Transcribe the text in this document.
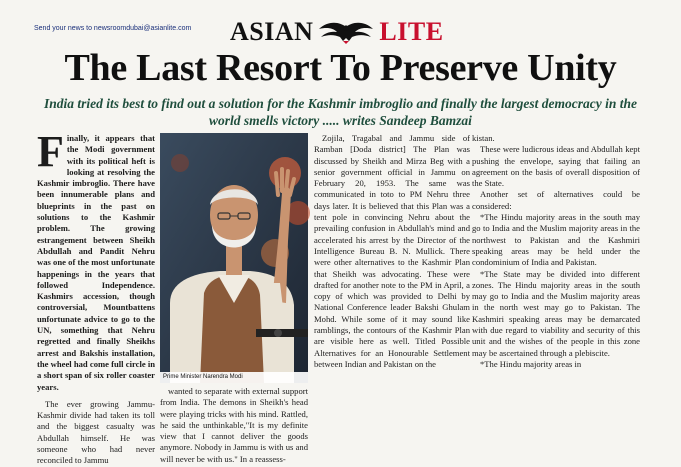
Send your news to newsroomdubai@asianlite.com ASIAN	LITE
The Last Resort To Preserve Unity
India tried its best to find out a solution for the Kashmir imbroglio and finally the largest democracy in the world smells victory ..... writes Sandeep Bamzai

Finally, it appears that the Modi government with its political heft is looking at resolving the Kashmir imbroglio. There have been innumerable plans and blueprints in the past on solutions to the Kashmir problem. The growing estrangement between Sheikh Abdullah and Pandit Nehru was one of the most unfortunate happenings in the years that followed Independence. Kashmirs accession, though controversial, Mountbattens unfortunate advice to go to the UN, something that Nehru regretted and finally Sheikhs arrest and Bakshis installation, the wheel had come full circle in a short span of six roller coaster years.

The ever growing Jammu-Kashmir divide had taken its toll and the biggest casualty was Abdullah himself. He was someone who had never reconciled to Jammu

Prime Minister Narendra Modi

wanted to separate with external support from India. The demons in Sheikh's head were playing tricks with his mind. Rattled, he said the unthinkable,"It is my definite view that I cannot deliver the goods anymore. Nobody in Jammu is with us and will never be with us." In a reassess-

Zojila, Tragabal and Jammu side of Ramban [Doda district] The Plan was discussed by Sheikh and Mirza Beg with a senior government official in Jammu on February 20, 1953. The same was communicated in toto to PM Nehru three days later. It is believed that this Plan was a tent pole in convincing Nehru about the prevailing confusion in Abdullah's mind and accelerated his arrest by the Director of the Intelligence Bureau B. N. Mullick. There were other alternatives to the Kashmir Plan that Sheikh was advocating. These were drafted for another note to the PM in April, a copy of which was provided to Delhi by National Conference leader Bakshi Ghulam Mohd. While some of it may sound like ramblings, the contours of the Kashmir Plan are visible here as well. Titled Possible Alternatives for an Honourable Settlement between Indian and Pakistan on the

kistan.

These were ludicrous ideas and Abdullah kept pushing the envelope, saying that failing an agreement on the basis of overall disposition of the State.

Another set of alternatives could be considered:

*The Hindu majority areas in the south may go to India and the Muslim majority areas in the northwest to Pakistan and the Kashmiri speaking areas may be held under the condominium of India and Pakistan.

*The State may be divided into different zones. The Hindu majority areas in the south may go to India and the Muslim majority areas in the north west may go to Pakistan. The Kashmiri speaking areas may be demarcated with due regard to viability and security of this unit and the wishes of the people in this zone may be ascertained through a plebiscite.

*The Hindu majority areas in
